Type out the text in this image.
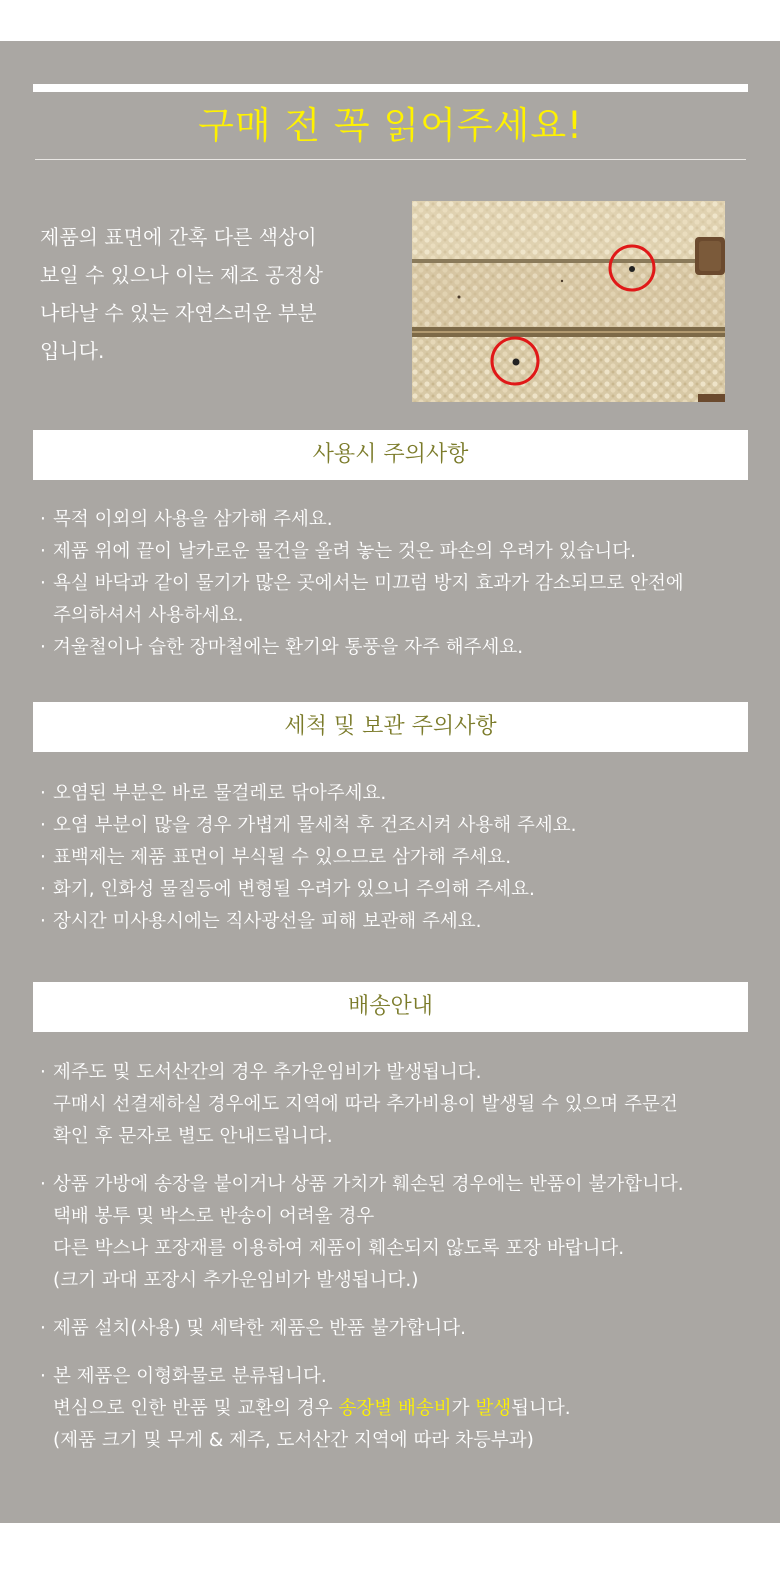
구매 전 꼭 읽어주세요!
제품의 표면에 간혹 다른 색상이
보일 수 있으나 이는 제조 공정상
나타날 수 있는 자연스러운 부분
입니다.
사용시 주의사항
· 목적 이외의 사용을 삼가해 주세요.
· 제품 위에 끝이 날카로운 물건을 올려 놓는 것은 파손의 우려가 있습니다.
· 욕실 바닥과 같이 물기가 많은 곳에서는 미끄럼 방지 효과가 감소되므로 안전에
주의하셔서 사용하세요.
· 겨울철이나 습한 장마철에는 환기와 통풍을 자주 해주세요.
세척 및 보관 주의사항
· 오염된 부분은 바로 물걸레로 닦아주세요.
· 오염 부분이 많을 경우 가볍게 물세척 후 건조시켜 사용해 주세요.
· 표백제는 제품 표면이 부식될 수 있으므로 삼가해 주세요.
· 화기, 인화성 물질등에 변형될 우려가 있으니 주의해 주세요.
· 장시간 미사용시에는 직사광선을 피해 보관해 주세요.
배송안내
· 제주도 및 도서산간의 경우 추가운임비가 발생됩니다.
구매시 선결제하실 경우에도 지역에 따라 추가비용이 발생될 수 있으며 주문건
확인 후 문자로 별도 안내드립니다.
· 상품 가방에 송장을 붙이거나 상품 가치가 훼손된 경우에는 반품이 불가합니다.
택배 봉투 및 박스로 반송이 어려울 경우
다른 박스나 포장재를 이용하여 제품이 훼손되지 않도록 포장 바랍니다.
(크기 과대 포장시 추가운임비가 발생됩니다.)
· 제품 설치(사용) 및 세탁한 제품은 반품 불가합니다.
· 본 제품은 이형화물로 분류됩니다.
변심으로 인한 반품 및 교환의 경우 송장별 배송비가 발생됩니다.
(제품 크기 및 무게 & 제주, 도서산간 지역에 따라 차등부과)
